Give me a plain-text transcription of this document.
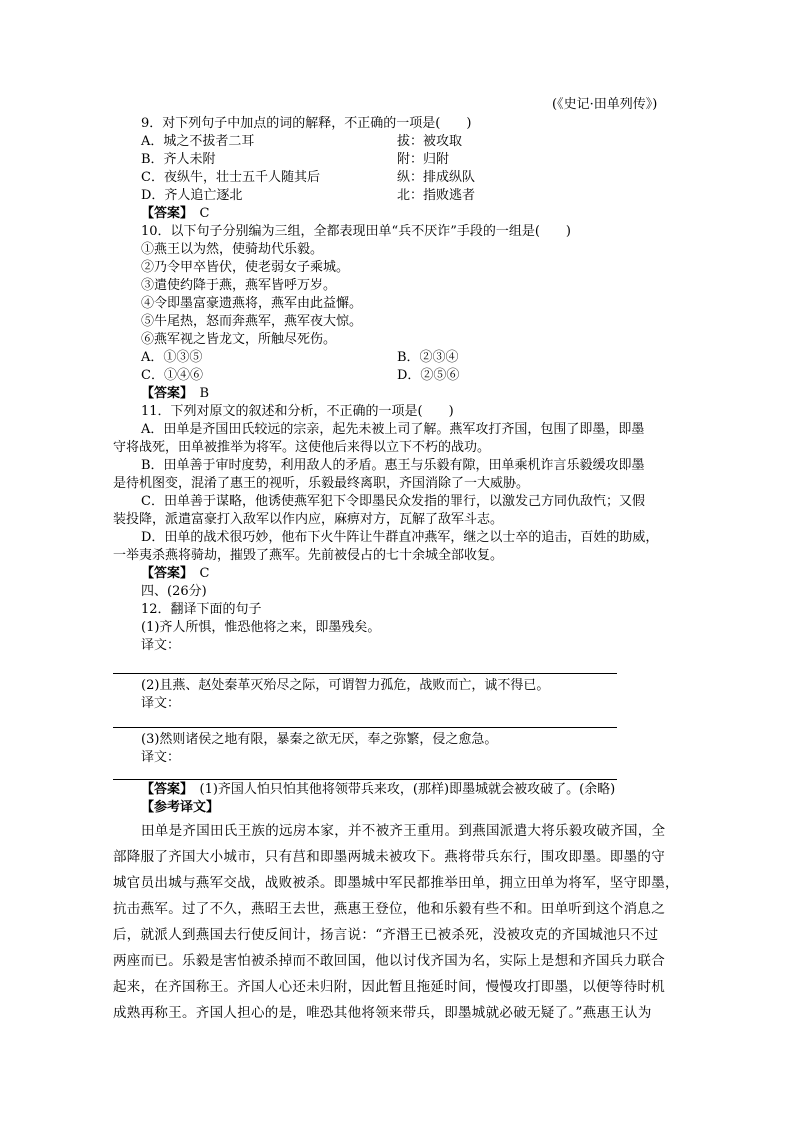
(《史记·田单列传》)
9．对下列句子中加点的词的解释，不正确的一项是(　　)
A．城之不拔者二耳	拔：被攻取
B．齐人未附	附：归附
C．夜纵牛，壮士五千人随其后	纵：排成纵队
D．齐人追亡逐北	北：指败逃者
【答案】　C
10．以下句子分别编为三组，全都表现田单“兵不厌诈”手段的一组是(　　)
①燕王以为然，使骑劫代乐毅。
②乃令甲卒皆伏，使老弱女子乘城。
③遣使约降于燕，燕军皆呼万岁。
④令即墨富豪遗燕将，燕军由此益懈。
⑤牛尾热，怒而奔燕军，燕军夜大惊。
⑥燕军视之皆龙文，所触尽死伤。
A．①③⑤	B．②③④
C．①④⑥	D．②⑤⑥
【答案】　B
11．下列对原文的叙述和分析，不正确的一项是(　　)
A．田单是齐国田氏较远的宗亲，起先未被上司了解。燕军攻打齐国，包围了即墨，即墨
守将战死，田单被推举为将军。这使他后来得以立下不朽的战功。
B．田单善于审时度势，利用敌人的矛盾。惠王与乐毅有隙，田单乘机诈言乐毅缓攻即墨
是待机图变，混淆了惠王的视听，乐毅最终离职，齐国消除了一大威胁。
C．田单善于谋略，他诱使燕军犯下令即墨民众发指的罪行，以激发己方同仇敌忾；又假
装投降，派遣富豪打入敌军以作内应，麻痹对方，瓦解了敌军斗志。
D．田单的战术很巧妙，他布下火牛阵让牛群直冲燕军，继之以士卒的追击，百姓的助威，
一举夷杀燕将骑劫，摧毁了燕军。先前被侵占的七十余城全部收复。
【答案】　C
四、(26分)
12．翻译下面的句子
(1)齐人所惧，惟恐他将之来，即墨残矣。
译文：
(2)且燕、赵处秦革灭殆尽之际，可谓智力孤危，战败而亡，诚不得已。
译文：
(3)然则诸侯之地有限，暴秦之欲无厌，奉之弥繁，侵之愈急。
译文：
【答案】　(1)齐国人怕只怕其他将领带兵来攻，(那样)即墨城就会被攻破了。(余略)
【参考译文】
田单是齐国田氏王族的远房本家，并不被齐王重用。到燕国派遣大将乐毅攻破齐国，全
部降服了齐国大小城市，只有莒和即墨两城未被攻下。燕将带兵东行，围攻即墨。即墨的守
城官员出城与燕军交战，战败被杀。即墨城中军民都推举田单，拥立田单为将军，坚守即墨，
抗击燕军。过了不久，燕昭王去世，燕惠王登位，他和乐毅有些不和。田单听到这个消息之
后，就派人到燕国去行使反间计，扬言说：“齐湣王已被杀死，没被攻克的齐国城池只不过
两座而已。乐毅是害怕被杀掉而不敢回国，他以讨伐齐国为名，实际上是想和齐国兵力联合
起来，在齐国称王。齐国人心还未归附，因此暂且拖延时间，慢慢攻打即墨，以便等待时机
成熟再称王。齐国人担心的是，唯恐其他将领来带兵，即墨城就必破无疑了。”燕惠王认为
